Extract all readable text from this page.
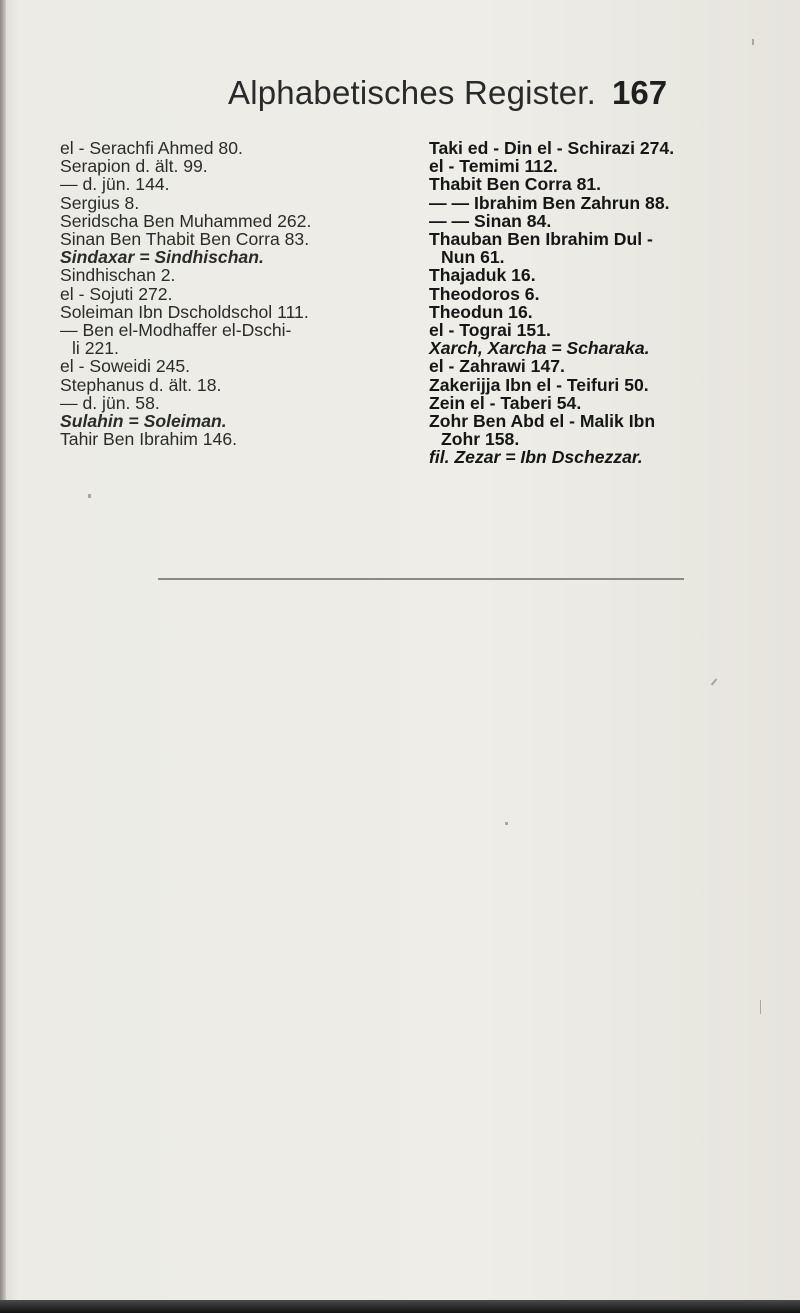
Alphabetisches Register. 167
el - Serachfi Ahmed 80.
Serapion d. ält. 99.
— d. jün. 144.
Sergius 8.
Seridscha Ben Muhammed 262.
Sinan Ben Thabit Ben Corra 83.
Sindaxar = Sindhischan.
Sindhischan 2.
el - Sojuti 272.
Soleiman Ibn Dscholdschol 111.
— Ben el-Modhaffer el-Dschi-
li 221.
el - Soweidi 245.
Stephanus d. ält. 18.
— d. jün. 58.
Sulahin = Soleiman.
Tahir Ben Ibrahim 146.
Taki ed - Din el - Schirazi 274.
el - Temimi 112.
Thabit Ben Corra 81.
— — Ibrahim Ben Zahrun 88.
— — Sinan 84.
Thauban Ben Ibrahim Dul -
Nun 61.
Thajaduk 16.
Theodoros 6.
Theodun 16.
el - Tograi 151.
Xarch, Xarcha = Scharaka.
el - Zahrawi 147.
Zakerijja Ibn el - Teifuri 50.
Zein el - Taberi 54.
Zohr Ben Abd el - Malik Ibn
Zohr 158.
fil. Zezar = Ibn Dschezzar.
